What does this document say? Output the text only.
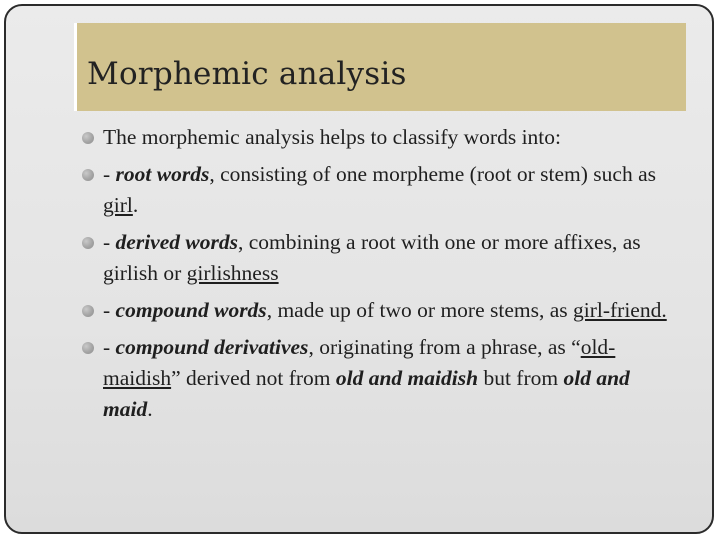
Morphemic analysis
The morphemic analysis helps to classify words into:
- root words, consisting of one morpheme (root or stem) such as girl.
- derived words, combining a root with one or more affixes, as girlish or girlishness
- compound words, made up of two or more stems, as girl-friend.
- compound derivatives, originating from a phrase, as “old-maidish” derived not from old and maidish but from old and maid.
